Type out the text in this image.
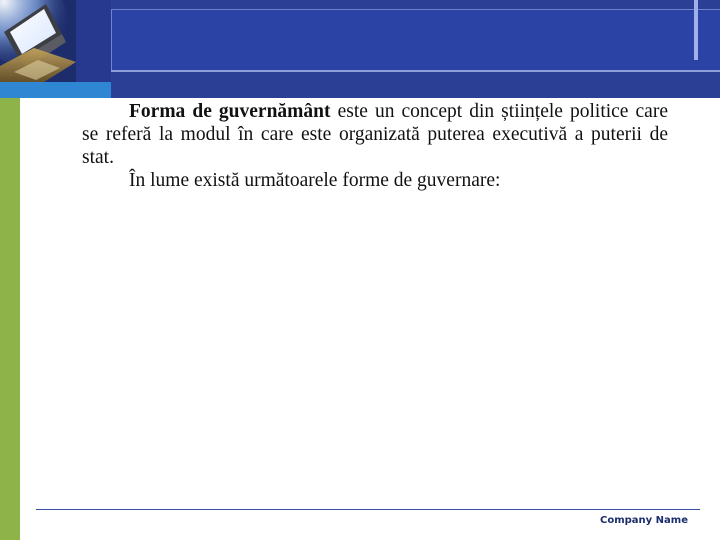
Forma de guvernământ este un concept din științele politice care se referă la modul în care este organizată puterea executivă a puterii de stat.

În lume există următoarele forme de guvernare:

Company Name
